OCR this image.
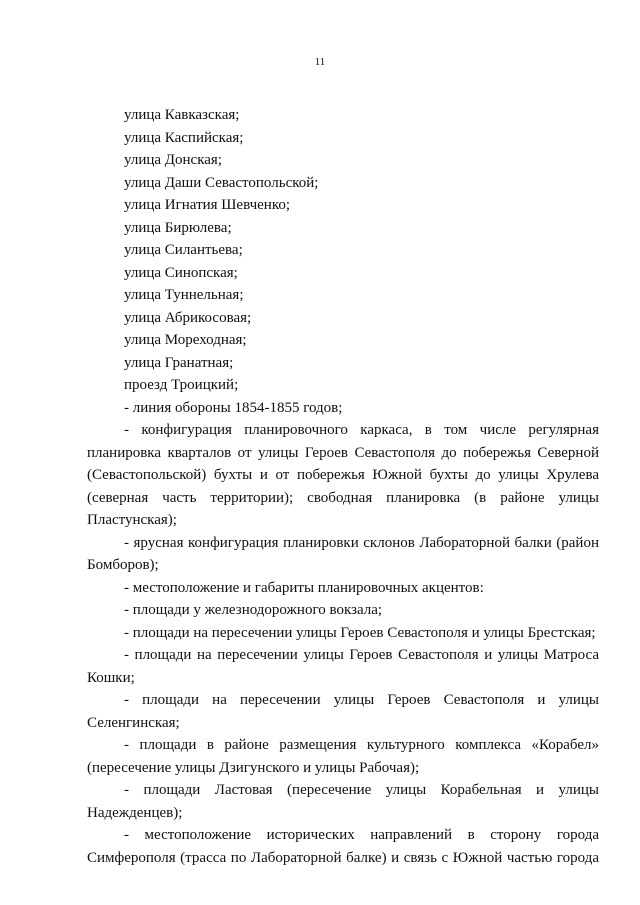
11
улица Кавказская;
улица Каспийская;
улица Донская;
улица Даши Севастопольской;
улица Игнатия Шевченко;
улица Бирюлева;
улица Силантьева;
улица Синопская;
улица Туннельная;
улица Абрикосовая;
улица Мореходная;
улица Гранатная;
проезд Троицкий;
- линия обороны 1854-1855 годов;
- конфигурация планировочного каркаса, в том числе регулярная
планировка кварталов от улицы Героев Севастополя до побережья Северной
(Севастопольской) бухты и от побережья Южной бухты до улицы Хрулева
(северная часть территории); свободная планировка (в районе улицы
Пластунская);
- ярусная конфигурация планировки склонов Лабораторной балки (район
Бомборов);
- местоположение и габариты планировочных акцентов:
- площади у железнодорожного вокзала;
- площади на пересечении улицы Героев Севастополя и улицы Брестская;
- площади на пересечении улицы Героев Севастополя и улицы Матроса
Кошки;
- площади на пересечении улицы Героев Севастополя и улицы
Селенгинская;
- площади в районе размещения культурного комплекса «Корабел»
(пересечение улицы Дзигунского и улицы Рабочая);
- площади Ластовая (пересечение улицы Корабельная и улицы
Надежденцев);
- местоположение исторических направлений в сторону города
Симферополя (трасса по Лабораторной балке) и связь с Южной частью города
